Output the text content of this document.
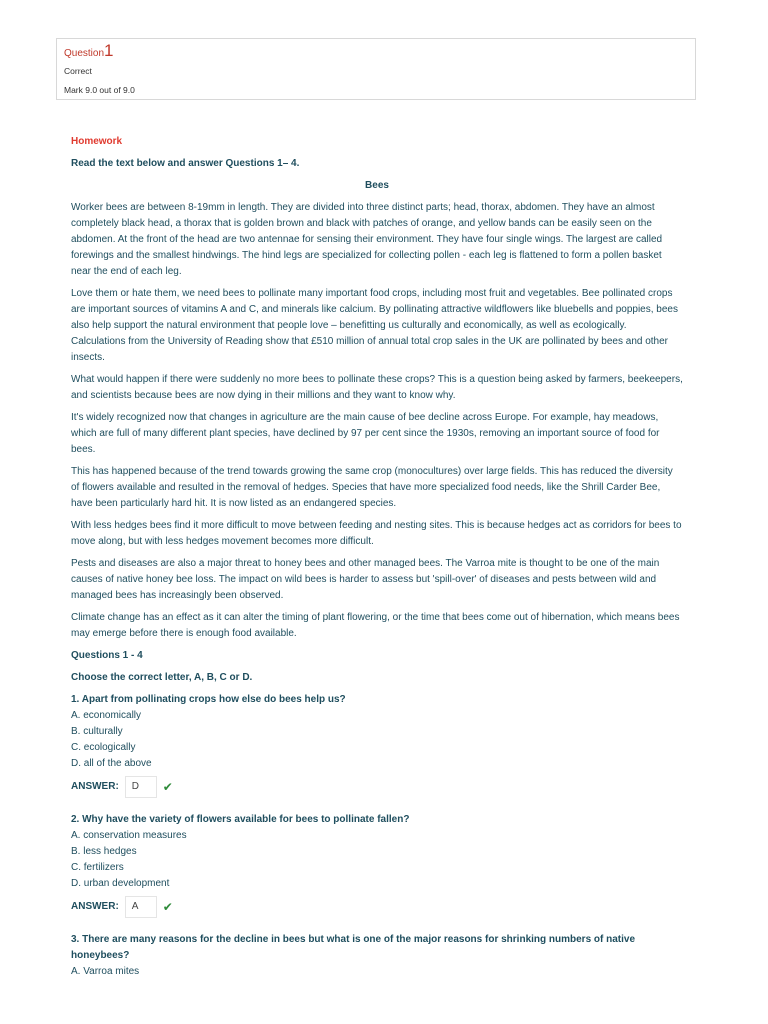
Question1
Correct
Mark 9.0 out of 9.0
Homework

Read the text below and answer Questions 1– 4.

Bees

Worker bees are between 8-19mm in length. They are divided into three distinct parts; head, thorax, abdomen. They have an almost completely black head, a thorax that is golden brown and black with patches of orange, and yellow bands can be easily seen on the abdomen. At the front of the head are two antennae for sensing their environment. They have four single wings. The largest are called forewings and the smallest hindwings. The hind legs are specialized for collecting pollen - each leg is flattened to form a pollen basket near the end of each leg.

Love them or hate them, we need bees to pollinate many important food crops, including most fruit and vegetables. Bee pollinated crops are important sources of vitamins A and C, and minerals like calcium. By pollinating attractive wildflowers like bluebells and poppies, bees also help support the natural environment that people love – benefitting us culturally and economically, as well as ecologically. Calculations from the University of Reading show that £510 million of annual total crop sales in the UK are pollinated by bees and other insects.

What would happen if there were suddenly no more bees to pollinate these crops? This is a question being asked by farmers, beekeepers, and scientists because bees are now dying in their millions and they want to know why.

It's widely recognized now that changes in agriculture are the main cause of bee decline across Europe. For example, hay meadows, which are full of many different plant species, have declined by 97 per cent since the 1930s, removing an important source of food for bees.

This has happened because of the trend towards growing the same crop (monocultures) over large fields. This has reduced the diversity of flowers available and resulted in the removal of hedges. Species that have more specialized food needs, like the Shrill Carder Bee, have been particularly hard hit. It is now listed as an endangered species.

With less hedges bees find it more difficult to move between feeding and nesting sites. This is because hedges act as corridors for bees to move along, but with less hedges movement becomes more difficult.

Pests and diseases are also a major threat to honey bees and other managed bees. The Varroa mite is thought to be one of the main causes of native honey bee loss. The impact on wild bees is harder to assess but 'spill-over' of diseases and pests between wild and managed bees has increasingly been observed.

Climate change has an effect as it can alter the timing of plant flowering, or the time that bees come out of hibernation, which means bees may emerge before there is enough food available.

Questions 1 - 4

Choose the correct letter, A, B, C or D.

1. Apart from pollinating crops how else do bees help us?
A. economically
B. culturally
C. ecologically
D. all of the above
ANSWER:	D	✔
2. Why have the variety of flowers available for bees to pollinate fallen?
A. conservation measures
B. less hedges
C. fertilizers
D. urban development
ANSWER:	A	✔
3. There are many reasons for the decline in bees but what is one of the major reasons for shrinking numbers of native honeybees?
A. Varroa mites
